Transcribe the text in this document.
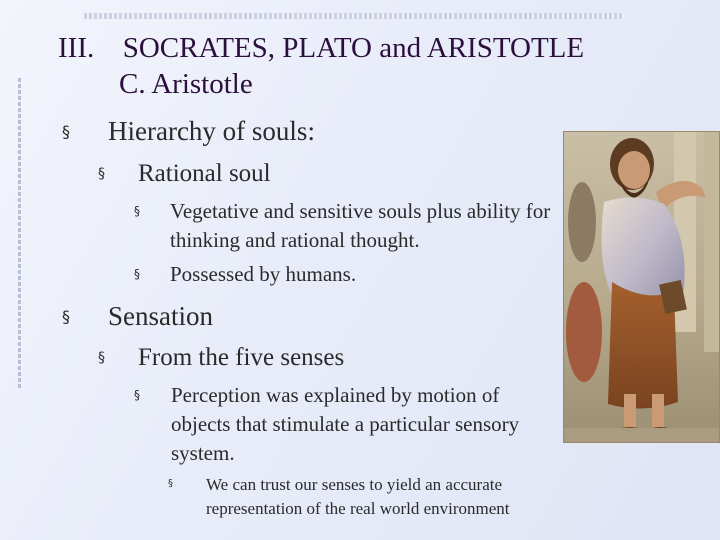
III. SOCRATES, PLATO and ARISTOTLE
C. Aristotle
§ Hierarchy of souls:
§ Rational soul
§ Vegetative and sensitive souls plus ability for thinking and rational thought.
§ Possessed by humans.
§ Sensation
§ From the five senses
§ Perception was explained by motion of objects that stimulate a particular sensory system.
§ We can trust our senses to yield an accurate representation of the real world environment
